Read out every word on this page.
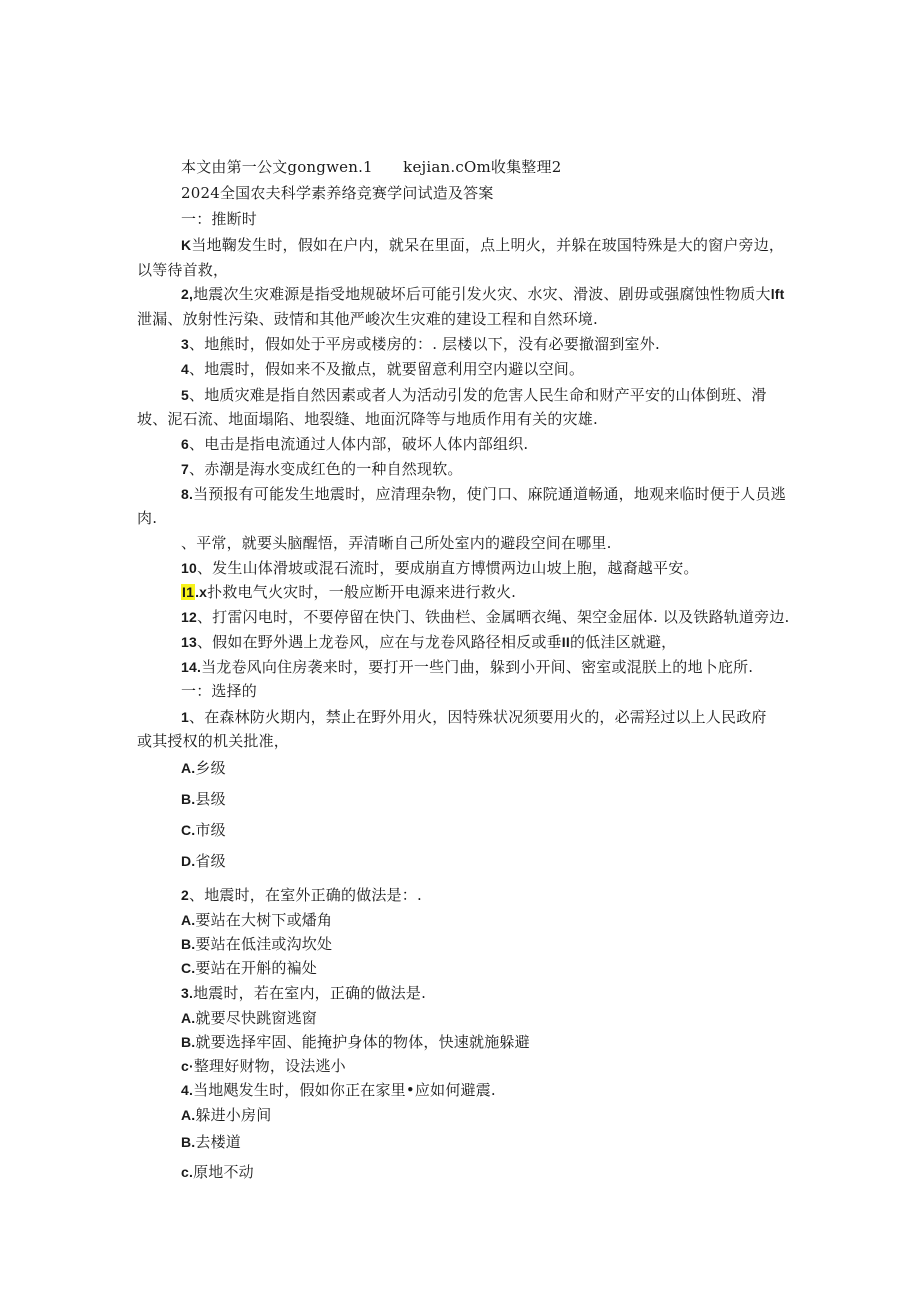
本文由第一公文gongwen.1　　kejian.cOm收集整理2
2024全国农夫科学素养络竞赛学问试造及答案
一：推断时
K当地鞠发生时，假如在户内，就呆在里面，点上明火，并躲在玻国特殊是大的窗户旁边，
以等待首救，
2,地震次生灾难源是指受地规破坏后可能引发火灾、水灾、滑波、剧毋或强腐蚀性物质大lft
泄漏、放射性污染、豉情和其他严峻次生灾难的建设工程和自然环境.
3、地熊时，假如处于平房或楼房的：. 层楼以下，没有必要撤溜到室外.
4、地震时，假如来不及撤点，就要留意利用空内避以空间。
5、地质灾难是指自然因素或者人为活动引发的危害人民生命和财产平安的山体倒班、滑
坡、泥石流、地面塌陷、地裂缝、地面沉降等与地质作用有关的灾雄.
6、电击是指电流通过人体内部，破坏人体内部组织.
7、赤潮是海水变成红色的一种自然现软。
8.当预报有可能发生地震时，应清理杂物，使门口、麻院通道畅通，地观来临时便于人员逃
肉.
、平常，就要头脑醒悟，弄清晰自己所处室内的避段空间在哪里.
10、发生山体滑坡或混石流时，要成崩直方博惯两边山坡上胞，越裔越平安。
I1.x扑救电气火灾时，一般应断开电源来进行救火.
12、打雷闪电时，不要停留在快门、铁曲栏、金属晒衣绳、架空金屈体. 以及铁路轨道旁边.
13、假如在野外遇上龙卷风，应在与龙卷风路径相反或垂II的低洼区就避，
14.当龙卷风向住房袭来时，要打开一些门曲，躲到小开间、密室或混朕上的地卜庇所.
一：选择的
1、在森林防火期内，禁止在野外用火，因特殊状况须要用火的，必需羟过以上人民政府
或其授权的机关批准，
A.乡级
B.县级
C.市级
D.省级
2、地震时，在室外正确的做法是：.
A.要站在大树下或燔角
B.要站在低洼或沟坎处
C.要站在开斛的褊处
3.地震时，若在室内，正确的做法是.
A.就要尽快跳窗逃窗
B.就要选择牢固、能掩护身体的物体，快速就施躲避
c·整理好财物，设法逃小
4.当地飓发生时，假如你正在家里•应如何避震.
A.躲进小房间
B.去楼道
c.原地不动
